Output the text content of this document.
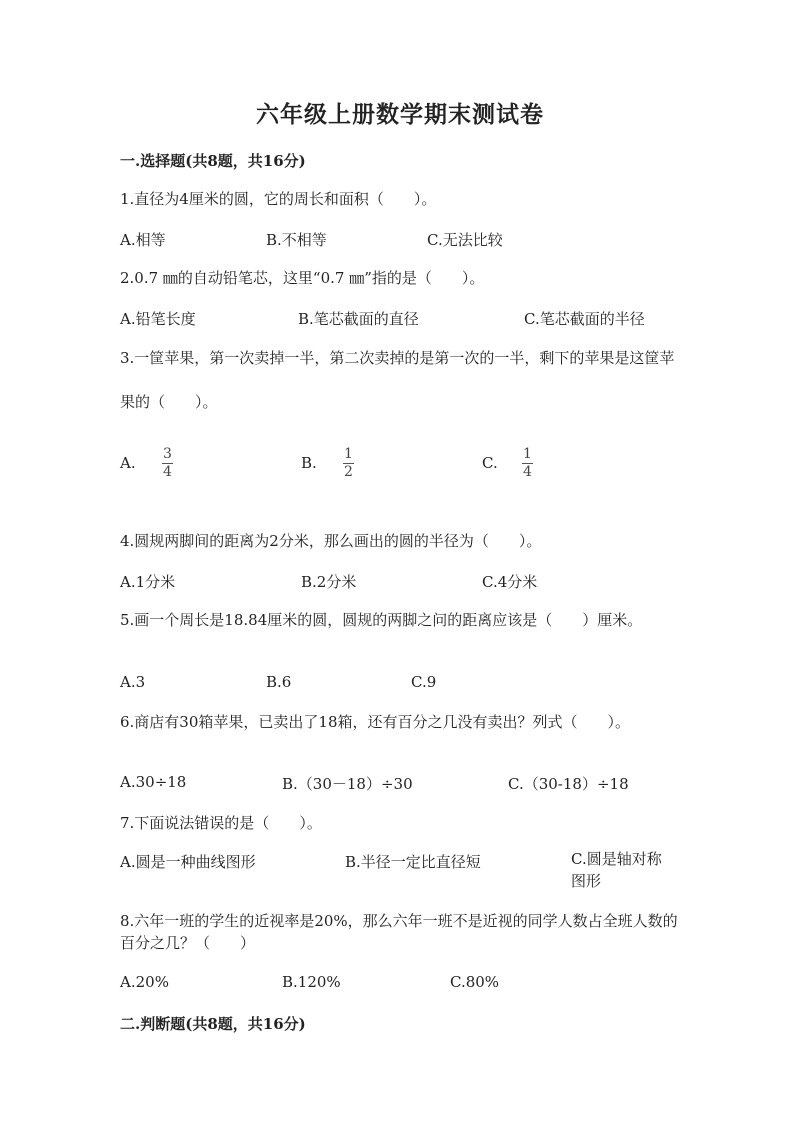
六年级上册数学期末测试卷
一.选择题(共8题，共16分)
1.直径为4厘米的圆，它的周长和面积（　　）。
A.相等	B.不相等	C.无法比较
2.0.7 ㎜的自动铅笔芯，这里“0.7 ㎜”指的是（　　）。
A.铅笔长度	B.笔芯截面的直径	C.笔芯截面的半径
3.一筐苹果，第一次卖掉一半，第二次卖掉的是第一次的一半，剩下的苹果是这筐苹果的（　　）。
A. 3
4	B. 1
2	C. 1
4
4.圆规两脚间的距离为2分米，那么画出的圆的半径为（　　）。
A.1分米	B.2分米	C.4分米
5.画一个周长是18.84厘米的圆，圆规的两脚之问的距离应该是（　　）厘米。
A.3	B.6	C.9
6.商店有30箱苹果，已卖出了18箱，还有百分之几没有卖出？列式（　　）。
A.30÷18	B.（30－18）÷30	C.（30-18）÷18
7.下面说法错误的是（　　）。
A.圆是一种曲线图形	B.半径一定比直径短	C.圆是轴对称图形
8.六年一班的学生的近视率是20%，那么六年一班不是近视的同学人数占全班人数的百分之几？（　　）
A.20%	B.120%	C.80%
二.判断题(共8题，共16分)
